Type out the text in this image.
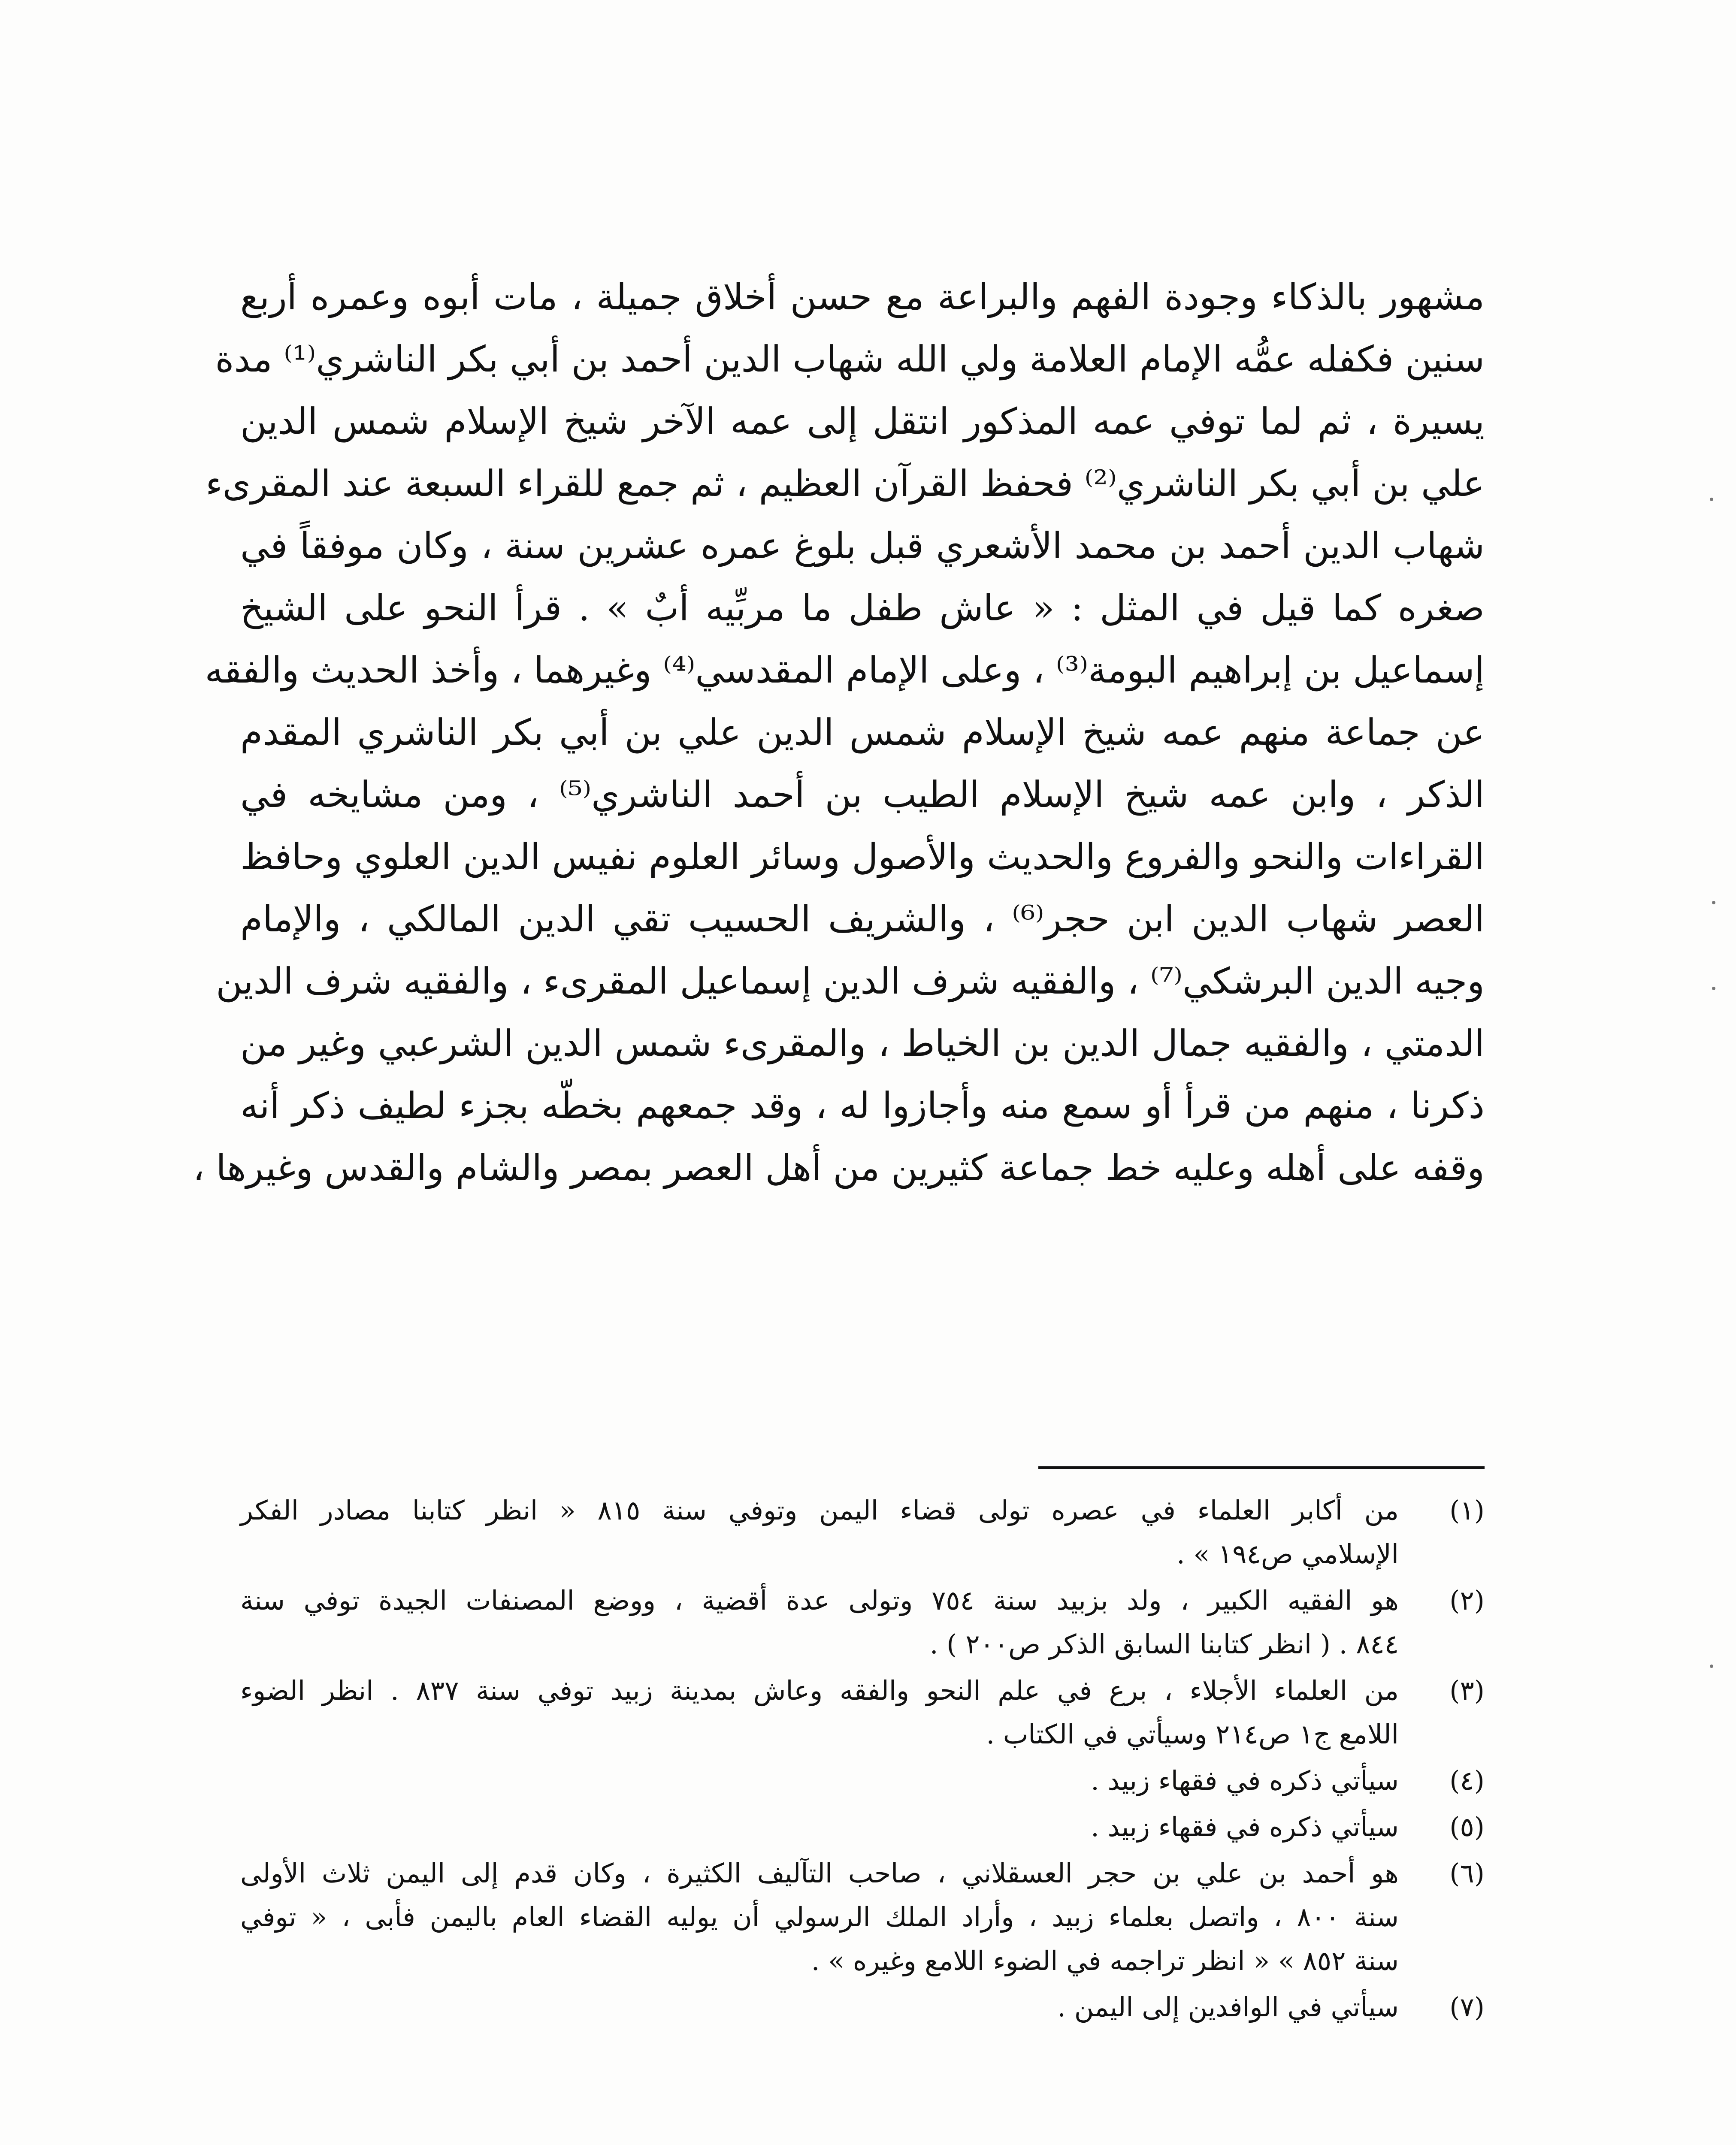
مشهور بالذكاء وجودة الفهم والبراعة مع حسن أخلاق جميلة ، مات أبوه وعمره أربع
سنين فكفله عمُّه الإمام العلامة ولي الله شهاب الدين أحمد بن أبي بكر الناشري⁽¹⁾ مدة
يسيرة ، ثم لما توفي عمه المذكور انتقل إلى عمه الآخر شيخ الإسلام شمس الدين
علي بن أبي بكر الناشري⁽²⁾ فحفظ القرآن العظيم ، ثم جمع للقراء السبعة عند المقرىء
شهاب الدين أحمد بن محمد الأشعري قبل بلوغ عمره عشرين سنة ، وكان موفقاً في
صغره كما قيل في المثل : « عاش طفل ما مربِّيه أبٌ » . قرأ النحو على الشيخ
إسماعيل بن إبراهيم البومة⁽³⁾ ، وعلى الإمام المقدسي⁽⁴⁾ وغيرهما ، وأخذ الحديث والفقه
عن جماعة منهم عمه شيخ الإسلام شمس الدين علي بن أبي بكر الناشري المقدم
الذكر ، وابن عمه شيخ الإسلام الطيب بن أحمد الناشري⁽⁵⁾ ، ومن مشايخه في
القراءات والنحو والفروع والحديث والأصول وسائر العلوم نفيس الدين العلوي وحافظ
العصر شهاب الدين ابن حجر⁽⁶⁾ ، والشريف الحسيب تقي الدين المالكي ، والإمام
وجيه الدين البرشكي⁽⁷⁾ ، والفقيه شرف الدين إسماعيل المقرىء ، والفقيه شرف الدين
الدمتي ، والفقيه جمال الدين بن الخياط ، والمقرىء شمس الدين الشرعبي وغير من
ذكرنا ، منهم من قرأ أو سمع منه وأجازوا له ، وقد جمعهم بخطّه بجزء لطيف ذكر أنه
وقفه على أهله وعليه خط جماعة كثيرين من أهل العصر بمصر والشام والقدس وغيرها ،
(١)
من أكابر العلماء في عصره تولى قضاء اليمن وتوفي سنة ٨١٥ « انظر كتابنا مصادر الفكر
الإسلامي ص١٩٤ » .
(٢)
هو الفقيه الكبير ، ولد بزبيد سنة ٧٥٤ وتولى عدة أقضية ، ووضع المصنفات الجيدة توفي سنة
٨٤٤ . ( انظر كتابنا السابق الذكر ص٢٠٠ ) .
(٣)
من العلماء الأجلاء ، برع في علم النحو والفقه وعاش بمدينة زبيد توفي سنة ٨٣٧ . انظر الضوء
اللامع ج١ ص٢١٤ وسيأتي في الكتاب .
(٤)
سيأتي ذكره في فقهاء زبيد .
(٥)
سيأتي ذكره في فقهاء زبيد .
(٦)
هو أحمد بن علي بن حجر العسقلاني ، صاحب التآليف الكثيرة ، وكان قدم إلى اليمن ثلاث الأولى
سنة ٨٠٠ ، واتصل بعلماء زبيد ، وأراد الملك الرسولي أن يوليه القضاء العام باليمن فأبى ، « توفي
سنة ٨٥٢ » « انظر تراجمه في الضوء اللامع وغيره » .
(٧)
سيأتي في الوافدين إلى اليمن .
